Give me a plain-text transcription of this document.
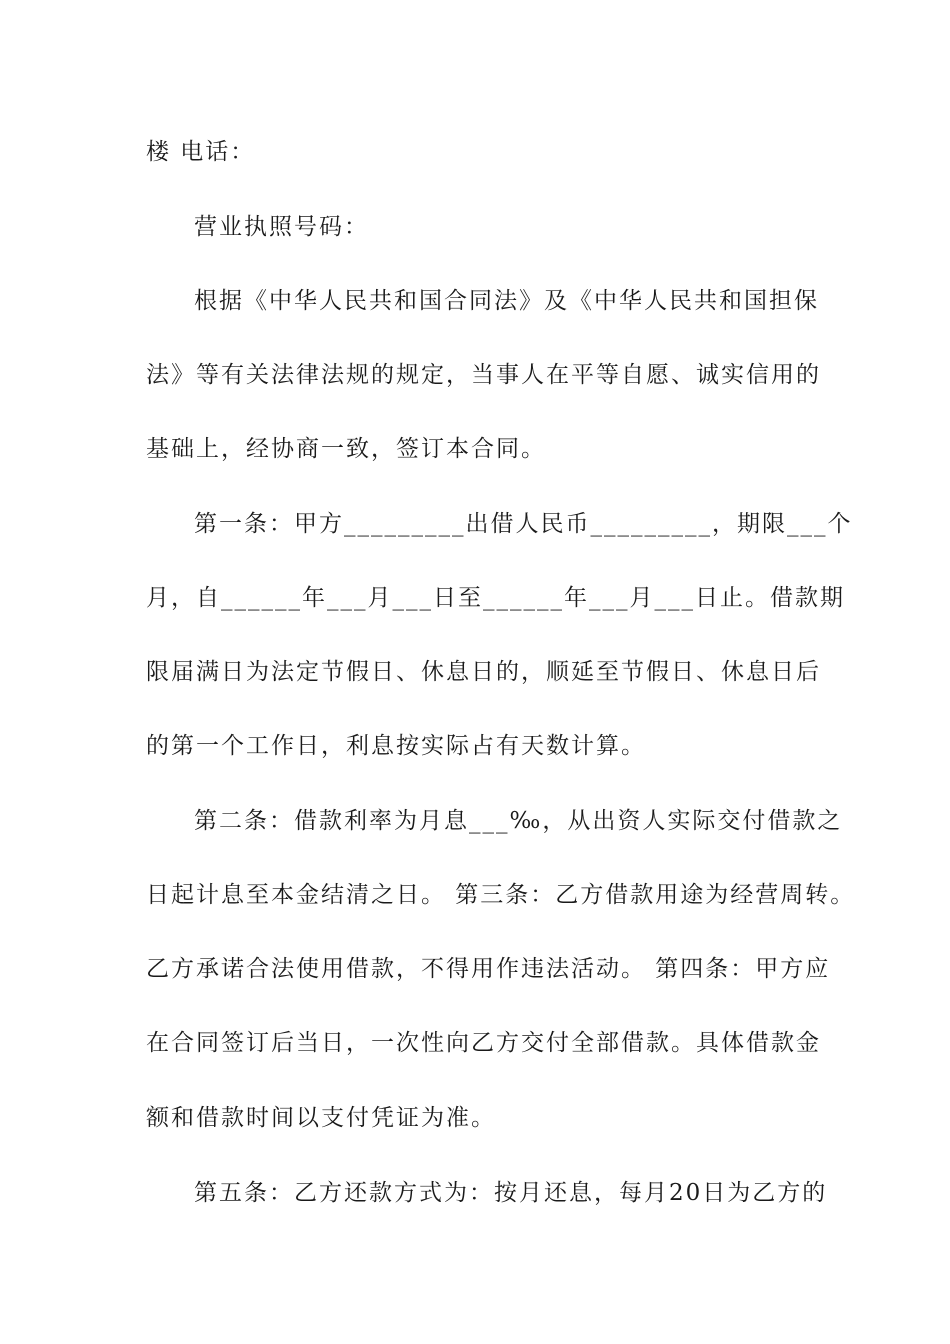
楼 电话：
营业执照号码：
根据《中华人民共和国合同法》及《中华人民共和国担保
法》等有关法律法规的规定，当事人在平等自愿、诚实信用的
基础上，经协商一致，签订本合同。
第一条：甲方_________出借人民币_________，期限___个
月，自______年___月___日至______年___月___日止。借款期
限届满日为法定节假日、休息日的，顺延至节假日、休息日后
的第一个工作日，利息按实际占有天数计算。
第二条：借款利率为月息___‰，从出资人实际交付借款之
日起计息至本金结清之日。 第三条：乙方借款用途为经营周转。
乙方承诺合法使用借款，不得用作违法活动。 第四条：甲方应
在合同签订后当日，一次性向乙方交付全部借款。具体借款金
额和借款时间以支付凭证为准。
第五条：乙方还款方式为：按月还息，每月20日为乙方的
